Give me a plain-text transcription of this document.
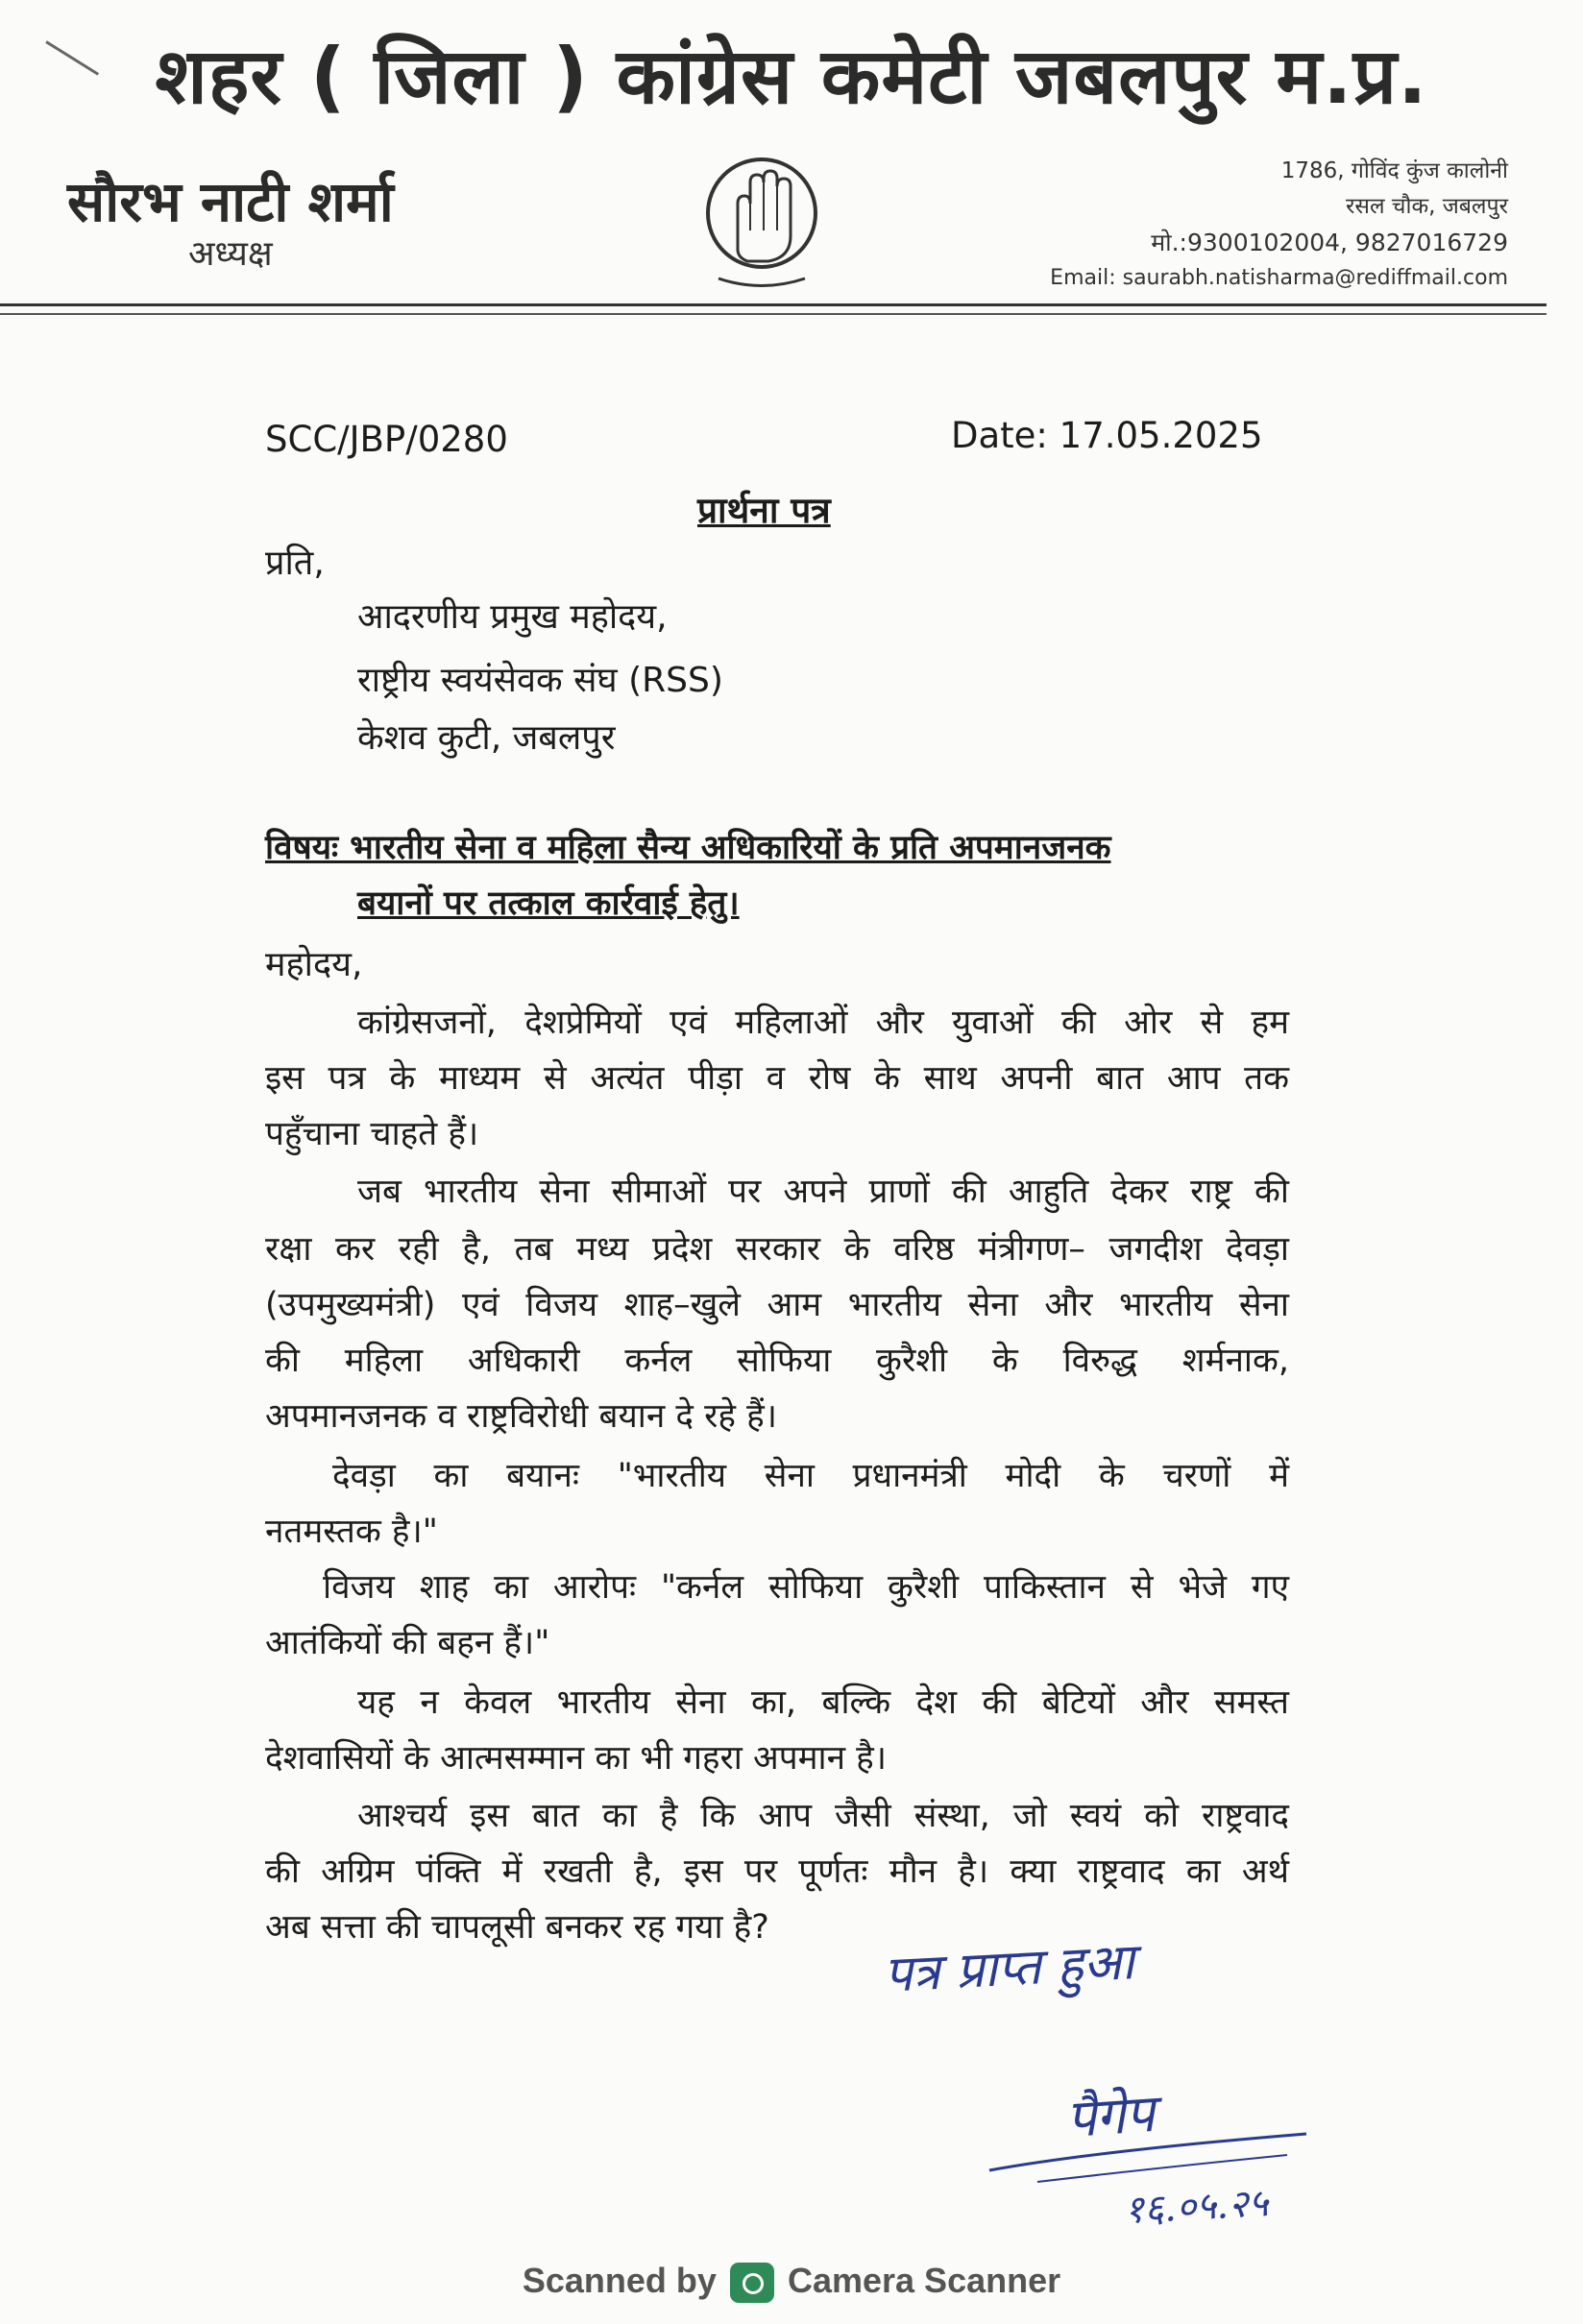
शहर ( जिला ) कांग्रेस कमेटी जबलपुर म.प्र.
सौरभ नाटी शर्मा
अध्यक्ष
1786, गोविंद कुंज कालोनी
रसल चौक, जबलपुर
मो.:9300102004, 9827016729
Email: saurabh.natisharma@rediffmail.com
SCC/JBP/0280	Date: 17.05.2025
प्रार्थना पत्र
प्रति,
आदरणीय प्रमुख महोदय,
राष्ट्रीय स्वयंसेवक संघ (RSS)
केशव कुटी, जबलपुर
विषयः भारतीय सेना व महिला सैन्य अधिकारियों के प्रति अपमानजनक
बयानों पर तत्काल कार्रवाई हेतु।
महोदय,
कांग्रेसजनों, देशप्रेमियों एवं महिलाओं और युवाओं की ओर से हम
इस पत्र के माध्यम से अत्यंत पीड़ा व रोष के साथ अपनी बात आप तक
पहुँचाना चाहते हैं।
जब भारतीय सेना सीमाओं पर अपने प्राणों की आहुति देकर राष्ट्र की
रक्षा कर रही है, तब मध्य प्रदेश सरकार के वरिष्ठ मंत्रीगण– जगदीश देवड़ा
(उपमुख्यमंत्री) एवं विजय शाह–खुले आम भारतीय सेना और भारतीय सेना
की महिला अधिकारी कर्नल सोफिया कुरैशी के विरुद्ध शर्मनाक,
अपमानजनक व राष्ट्रविरोधी बयान दे रहे हैं।
देवड़ा का बयानः "भारतीय सेना प्रधानमंत्री मोदी के चरणों में
नतमस्तक है।"
विजय शाह का आरोपः "कर्नल सोफिया कुरैशी पाकिस्तान से भेजे गए
आतंकियों की बहन हैं।"
यह न केवल भारतीय सेना का, बल्कि देश की बेटियों और समस्त
देशवासियों के आत्मसम्मान का भी गहरा अपमान है।
आश्चर्य इस बात का है कि आप जैसी संस्था, जो स्वयं को राष्ट्रवाद
की अग्रिम पंक्ति में रखती है, इस पर पूर्णतः मौन है। क्या राष्ट्रवाद का अर्थ
अब सत्ता की चापलूसी बनकर रह गया है?
पत्र प्राप्त हुआ
पैगेप
१६.०५.२५
Scanned by Camera Scanner
